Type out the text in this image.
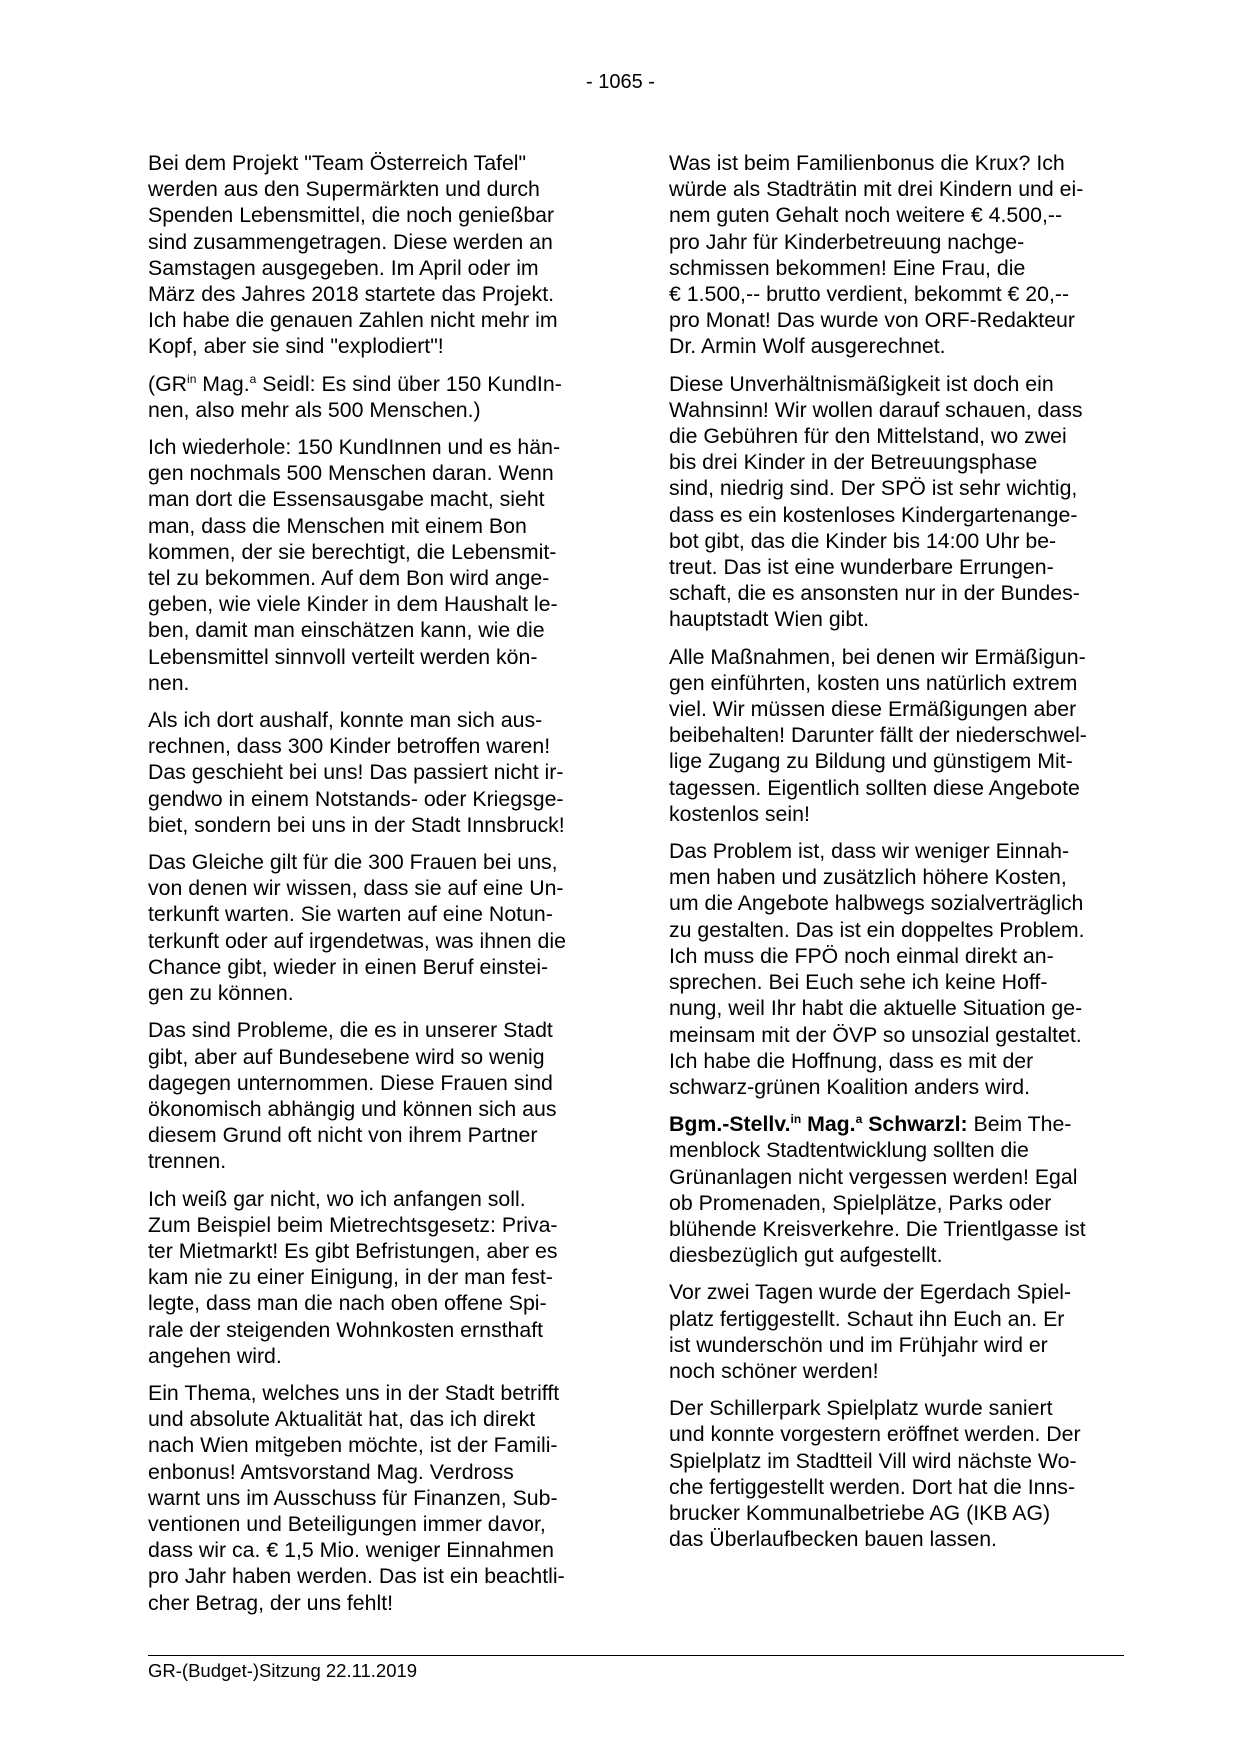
- 1065 -

Bei dem Projekt "Team Österreich Tafel"
werden aus den Supermärkten und durch
Spenden Lebensmittel, die noch genießbar
sind zusammengetragen. Diese werden an
Samstagen ausgegeben. Im April oder im
März des Jahres 2018 startete das Projekt.
Ich habe die genauen Zahlen nicht mehr im
Kopf, aber sie sind "explodiert"!

($GR^{in}$ Mag.$^a$ Seidl: Es sind über 150 KundIn-
nen, also mehr als 500 Menschen.)

Ich wiederhole: 150 KundInnen und es hän-
gen nochmals 500 Menschen daran. Wenn
man dort die Essensausgabe macht, sieht
man, dass die Menschen mit einem Bon
kommen, der sie berechtigt, die Lebensmit-
tel zu bekommen. Auf dem Bon wird ange-
geben, wie viele Kinder in dem Haushalt le-
ben, damit man einschätzen kann, wie die
Lebensmittel sinnvoll verteilt werden kön-
nen.

Als ich dort aushalf, konnte man sich aus-
rechnen, dass 300 Kinder betroffen waren!
Das geschieht bei uns! Das passiert nicht ir-
gendwo in einem Notstands- oder Kriegsge-
biet, sondern bei uns in der Stadt Innsbruck!

Das Gleiche gilt für die 300 Frauen bei uns,
von denen wir wissen, dass sie auf eine Un-
terkunft warten. Sie warten auf eine Notun-
terkunft oder auf irgendetwas, was ihnen die
Chance gibt, wieder in einen Beruf einstei-
gen zu können.

Das sind Probleme, die es in unserer Stadt
gibt, aber auf Bundesebene wird so wenig
dagegen unternommen. Diese Frauen sind
ökonomisch abhängig und können sich aus
diesem Grund oft nicht von ihrem Partner
trennen.

Ich weiß gar nicht, wo ich anfangen soll.
Zum Beispiel beim Mietrechtsgesetz: Priva-
ter Mietmarkt! Es gibt Befristungen, aber es
kam nie zu einer Einigung, in der man fest-
legte, dass man die nach oben offene Spi-
rale der steigenden Wohnkosten ernsthaft
angehen wird.

Ein Thema, welches uns in der Stadt betrifft
und absolute Aktualität hat, das ich direkt
nach Wien mitgeben möchte, ist der Famili-
enbonus! Amtsvorstand Mag. Verdross
warnt uns im Ausschuss für Finanzen, Sub-
ventionen und Beteiligungen immer davor,
dass wir ca. € 1,5 Mio. weniger Einnahmen
pro Jahr haben werden. Das ist ein beachtli-
cher Betrag, der uns fehlt!

Was ist beim Familienbonus die Krux? Ich
würde als Stadträtin mit drei Kindern und ei-
nem guten Gehalt noch weitere € 4.500,--
pro Jahr für Kinderbetreuung nachge-
schmissen bekommen! Eine Frau, die
€ 1.500,-- brutto verdient, bekommt € 20,--
pro Monat! Das wurde von ORF-Redakteur
Dr. Armin Wolf ausgerechnet.

Diese Unverhältnismäßigkeit ist doch ein
Wahnsinn! Wir wollen darauf schauen, dass
die Gebühren für den Mittelstand, wo zwei
bis drei Kinder in der Betreuungsphase
sind, niedrig sind. Der SPÖ ist sehr wichtig,
dass es ein kostenloses Kindergartenange-
bot gibt, das die Kinder bis 14:00 Uhr be-
treut. Das ist eine wunderbare Errungen-
schaft, die es ansonsten nur in der Bundes-
hauptstadt Wien gibt.

Alle Maßnahmen, bei denen wir Ermäßigun-
gen einführten, kosten uns natürlich extrem
viel. Wir müssen diese Ermäßigungen aber
beibehalten! Darunter fällt der niederschwel-
lige Zugang zu Bildung und günstigem Mit-
tagessen. Eigentlich sollten diese Angebote
kostenlos sein!

Das Problem ist, dass wir weniger Einnah-
men haben und zusätzlich höhere Kosten,
um die Angebote halbwegs sozialverträglich
zu gestalten. Das ist ein doppeltes Problem.
Ich muss die FPÖ noch einmal direkt an-
sprechen. Bei Euch sehe ich keine Hoff-
nung, weil Ihr habt die aktuelle Situation ge-
meinsam mit der ÖVP so unsozial gestaltet.
Ich habe die Hoffnung, dass es mit der
schwarz-grünen Koalition anders wird.

Bgm.-Stellv.$^{in}$ Mag.$^a$ Schwarzl: Beim The-
menblock Stadtentwicklung sollten die
Grünanlagen nicht vergessen werden! Egal
ob Promenaden, Spielplätze, Parks oder
blühende Kreisverkehre. Die Trientlgasse ist
diesbezüglich gut aufgestellt.

Vor zwei Tagen wurde der Egerdach Spiel-
platz fertiggestellt. Schaut ihn Euch an. Er
ist wunderschön und im Frühjahr wird er
noch schöner werden!

Der Schillerpark Spielplatz wurde saniert
und konnte vorgestern eröffnet werden. Der
Spielplatz im Stadtteil Vill wird nächste Wo-
che fertiggestellt werden. Dort hat die Inns-
brucker Kommunalbetriebe AG (IKB AG)
das Überlaufbecken bauen lassen.

GR-(Budget-)Sitzung 22.11.2019
